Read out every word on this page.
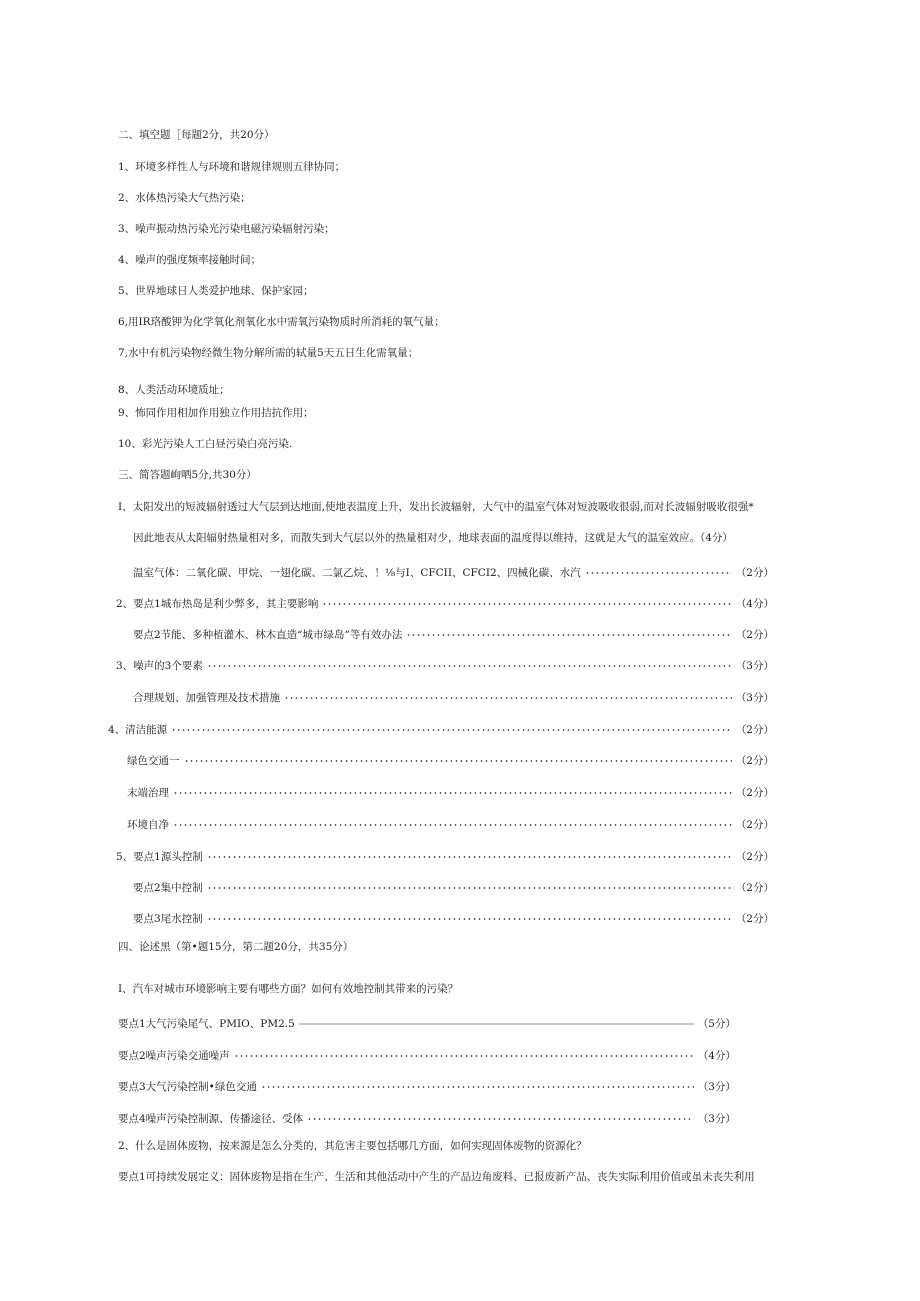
二、填空题［每题2分，共20分）
1、环境多样性人与环境和谐规律规则五律协同；
2、水体热污染大气热污染；
3、噪声振动热污染光污染电磁污染辐射污染；
4、噪声的强度频率接触时间；
5、世界地球日人类爱护地球、保护家园；
6,用IR珞酸钾为化学氧化剂氧化水中需氧污染物质时所消耗的氧气量；
7,水中有机污染物经微生物分解所需的轼量5天五日生化需氧量；
8、人类活动环境质址；
9、怖同作用相加作用独立作用拮抗作用；
10、彩光污染人工白昼污染白亮污染.
三、简答题峋哂5分,共30分）
I、太阳发出的短波辐射透过大气层到达地面,使地表温度上升，发出长波辐射，大气中的温室气体对短波吸收很弱,而对长波辐射吸收很强*
因此地表从太阳辐射热量相对多，而散失到大气层以外的热量相对少，地球表面的温度得以维持，这就是大气的温室效应。（4分）
温室气体：二氧化碳、甲烷、一翅化碳、二氯乙烷、！⅛与I、CFCII、CFCI2、四械化碳、水汽	（2分）
2、要点1城布热岛是利少弊多，其主要影响	（4分）
要点2节能、多种植灌木、林木直造“城市绿岛”等有效办法	（2分）
3、噪声的3个要素	（3分）
合理规划、加强管理及技术措施	（3分）
4、清洁能源	（2分）
绿色交通一	（2分）
末端治理	（2分）
环境自净	（2分）
5、要点1源头控制	（2分）
要点2集中控制	（2分）
要点3尾水控制	（2分）
四、论述黑（第•题15分，第二题20分，共35分）
I、汽车对城市环境影响主要有哪些方面？如何有效地控制其带来的污染？
要点1大气污染尾气、PMIO、PM2.5	（5分）
要点2噪声污染交通噪声	（4分）
要点3大气污染控制•绿色交通	（3分）
要点4噪声污染控制源、传播途径、受体	（3分）
2、什么是固体废物，按来源是怎么分类的，其危害主要包括哪几方面，如何实现固体废物的资源化？
要点1可持续发展定义：固体废物是指在生产、生活和其他活动中产生的产品边角废料、已报废新产品、丧失实际利用价值或虽未丧失利用
